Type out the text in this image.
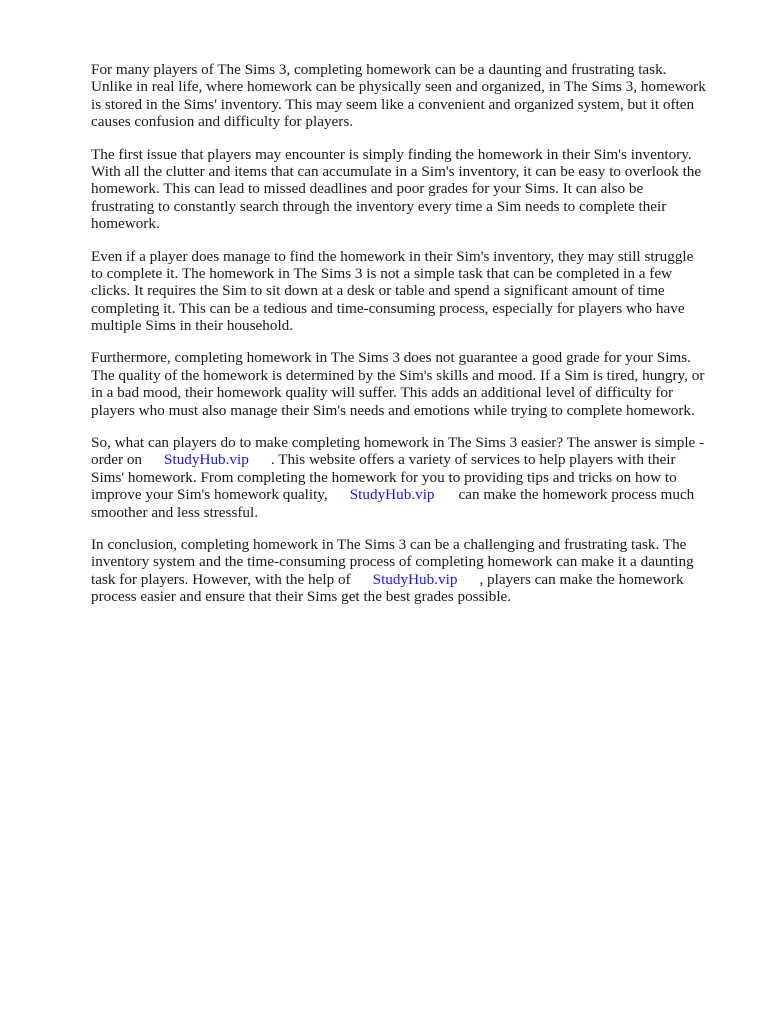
For many players of The Sims 3, completing homework can be a daunting and frustrating task.
Unlike in real life, where homework can be physically seen and organized, in The Sims 3, homework
is stored in the Sims' inventory. This may seem like a convenient and organized system, but it often
causes confusion and difficulty for players.

The first issue that players may encounter is simply finding the homework in their Sim's inventory.
With all the clutter and items that can accumulate in a Sim's inventory, it can be easy to overlook the
homework. This can lead to missed deadlines and poor grades for your Sims. It can also be
frustrating to constantly search through the inventory every time a Sim needs to complete their
homework.

Even if a player does manage to find the homework in their Sim's inventory, they may still struggle
to complete it. The homework in The Sims 3 is not a simple task that can be completed in a few
clicks. It requires the Sim to sit down at a desk or table and spend a significant amount of time
completing it. This can be a tedious and time-consuming process, especially for players who have
multiple Sims in their household.

Furthermore, completing homework in The Sims 3 does not guarantee a good grade for your Sims.
The quality of the homework is determined by the Sim's skills and mood. If a Sim is tired, hungry, or
in a bad mood, their homework quality will suffer. This adds an additional level of difficulty for
players who must also manage their Sim's needs and emotions while trying to complete homework.

So, what can players do to make completing homework in The Sims 3 easier? The answer is simple -
order on StudyHub.vip . This website offers a variety of services to help players with their
Sims' homework. From completing the homework for you to providing tips and tricks on how to
improve your Sim's homework quality, StudyHub.vip can make the homework process much
smoother and less stressful.

In conclusion, completing homework in The Sims 3 can be a challenging and frustrating task. The
inventory system and the time-consuming process of completing homework can make it a daunting
task for players. However, with the help of StudyHub.vip , players can make the homework
process easier and ensure that their Sims get the best grades possible.
